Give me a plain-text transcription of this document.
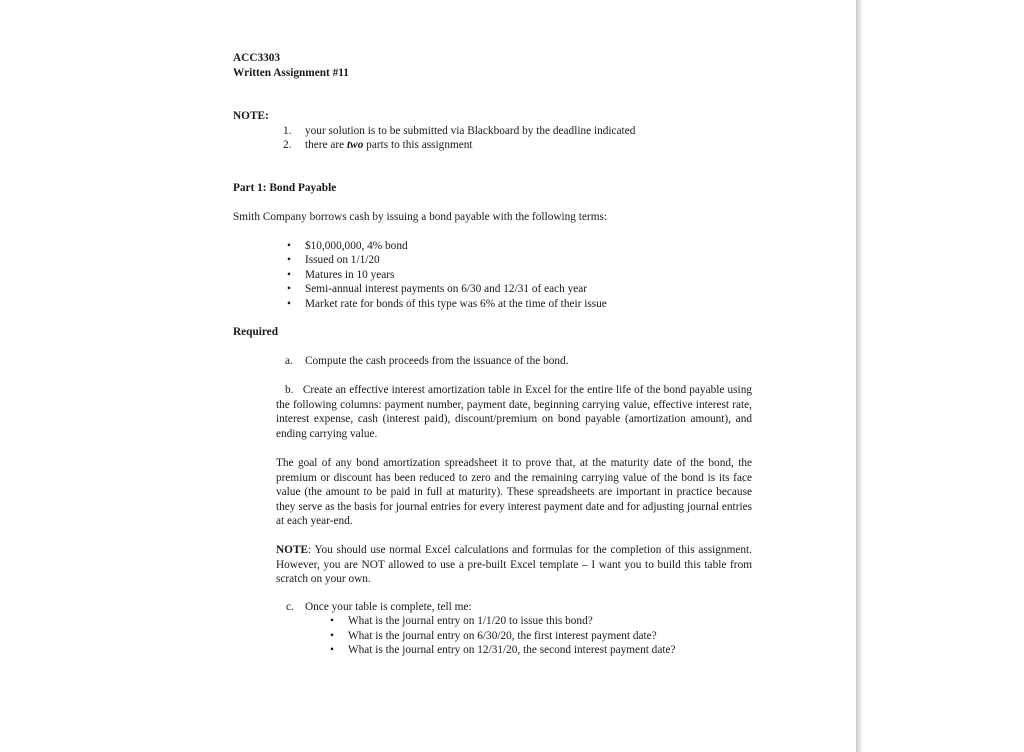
ACC3303
Written Assignment #11
NOTE:
1. your solution is to be submitted via Blackboard by the deadline indicated
2. there are two parts to this assignment
Part 1: Bond Payable
Smith Company borrows cash by issuing a bond payable with the following terms:
• $10,000,000, 4% bond
• Issued on 1/1/20
• Matures in 10 years
• Semi-annual interest payments on 6/30 and 12/31 of each year
• Market rate for bonds of this type was 6% at the time of their issue
Required
a. Compute the cash proceeds from the issuance of the bond.
b. Create an effective interest amortization table in Excel for the entire life of the bond payable using the following columns: payment number, payment date, beginning carrying value, effective interest rate, interest expense, cash (interest paid), discount/premium on bond payable (amortization amount), and ending carrying value.
The goal of any bond amortization spreadsheet it to prove that, at the maturity date of the bond, the premium or discount has been reduced to zero and the remaining carrying value of the bond is its face value (the amount to be paid in full at maturity). These spreadsheets are important in practice because they serve as the basis for journal entries for every interest payment date and for adjusting journal entries at each year-end.
NOTE: You should use normal Excel calculations and formulas for the completion of this assignment. However, you are NOT allowed to use a pre-built Excel template – I want you to build this table from scratch on your own.
c. Once your table is complete, tell me:
• What is the journal entry on 1/1/20 to issue this bond?
• What is the journal entry on 6/30/20, the first interest payment date?
• What is the journal entry on 12/31/20, the second interest payment date?
